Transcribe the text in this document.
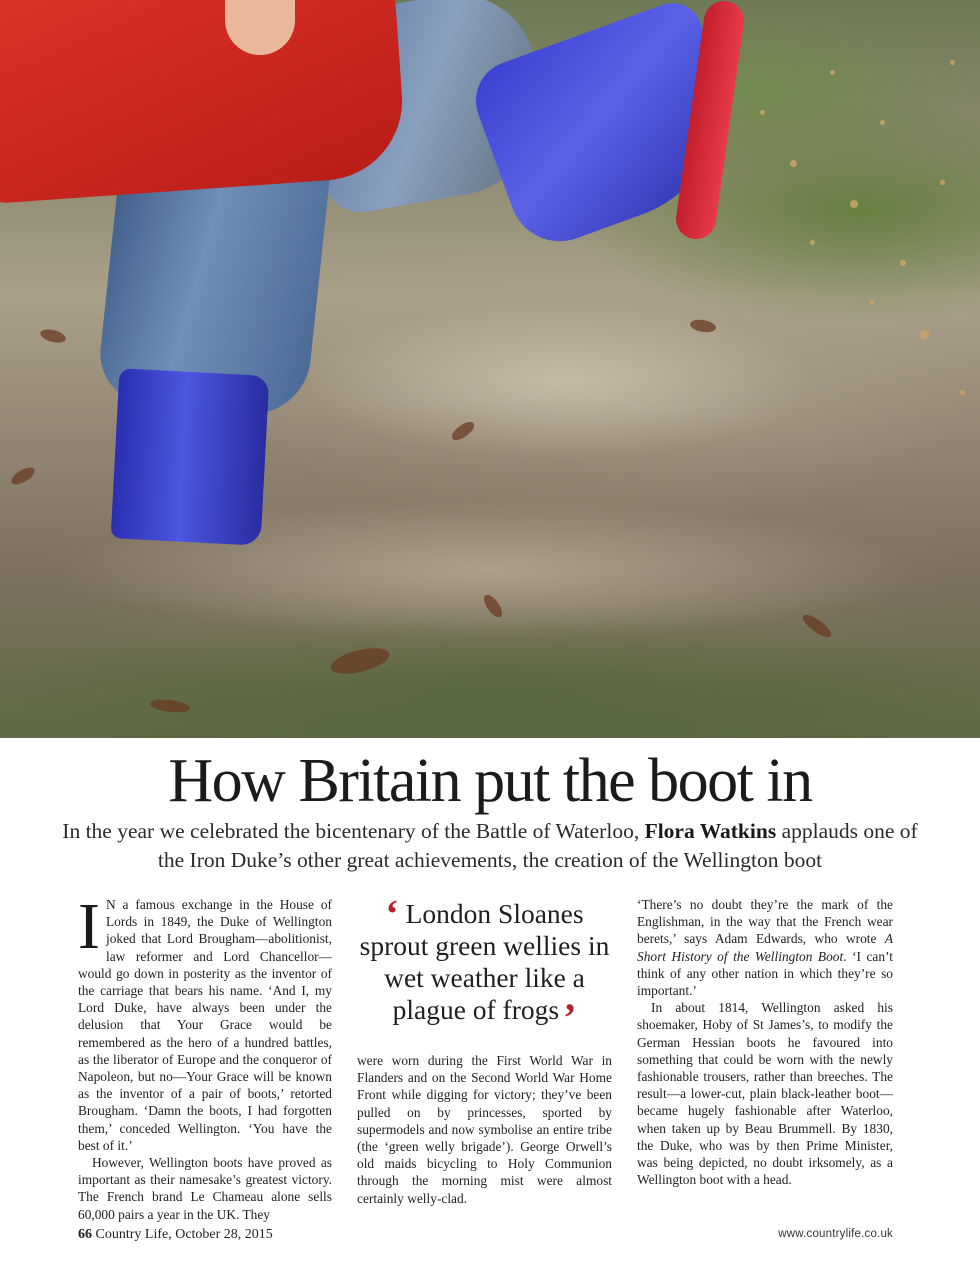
How Britain put the boot in

In the year we celebrated the bicentenary of the Battle of Waterloo, Flora Watkins applauds one of the Iron Duke’s other great achievements, the creation of the Wellington boot

I N a famous exchange in the House of Lords in 1849, the Duke of Wellington joked that Lord Brougham—abolitionist, law reformer and Lord Chancellor—would go down in posterity as the inventor of the carriage that bears his name. ‘And I, my Lord Duke, have always been under the delusion that Your Grace would be remembered as the hero of a hundred battles, as the liberator of Europe and the conqueror of Napoleon, but no—Your Grace will be known as the inventor of a pair of boots,’ retorted Brougham. ‘Damn the boots, I had forgotten them,’ conceded Wellington. ‘You have the best of it.’

However, Wellington boots have proved as important as their namesake’s greatest victory. The French brand Le Chameau alone sells 60,000 pairs a year in the UK. They

‘ London Sloanes sprout green wellies in wet weather like a plague of frogs ’

were worn during the First World War in Flanders and on the Second World War Home Front while digging for victory; they’ve been pulled on by princesses, sported by supermodels and now symbolise an entire tribe (the ‘green welly brigade’). George Orwell’s old maids bicycling to Holy Communion through the morning mist were almost certainly welly-clad.

‘There’s no doubt they’re the mark of the Englishman, in the way that the French wear berets,’ says Adam Edwards, who wrote A Short History of the Wellington Boot. ‘I can’t think of any other nation in which they’re so important.’

In about 1814, Wellington asked his shoemaker, Hoby of St James’s, to modify the German Hessian boots he favoured into something that could be worn with the newly fashionable trousers, rather than breeches. The result—a lower-cut, plain black-leather boot—became hugely fashionable after Waterloo, when taken up by Beau Brummell. By 1830, the Duke, who was by then Prime Minister, was being depicted, no doubt irksomely, as a Wellington boot with a head.

66 Country Life, October 28, 2015	www.countrylife.co.uk
